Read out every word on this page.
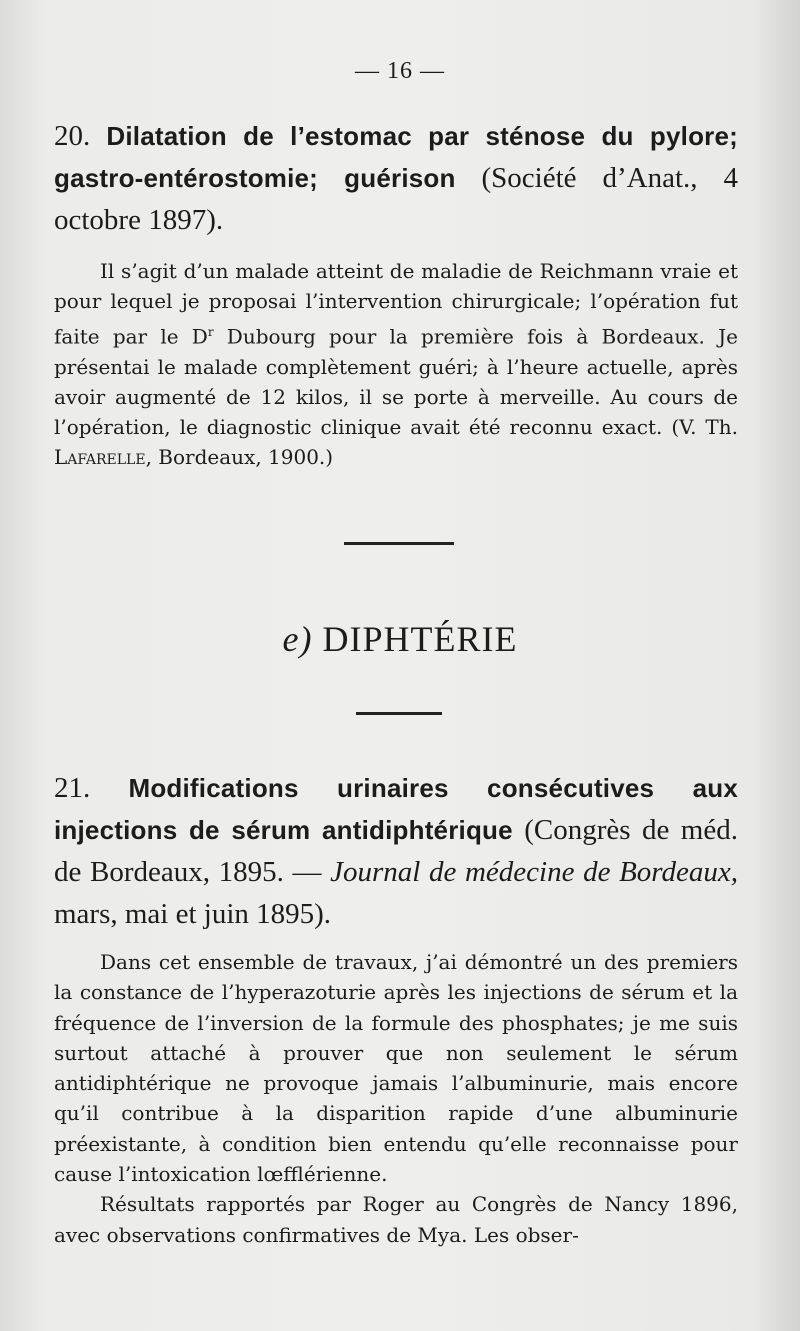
— 16 —
20. Dilatation de l’estomac par sténose du pylore; gastro-entérostomie; guérison (Société d’Anat., 4 octobre 1897).

Il s’agit d’un malade atteint de maladie de Reichmann vraie et pour lequel je proposai l’intervention chirurgicale; l’opération fut faite par le $D^r$ Dubourg pour la première fois à Bordeaux. Je présentai le malade complètement guéri; à l’heure actuelle, après avoir augmenté de 12 kilos, il se porte à merveille. Au cours de l’opération, le diagnostic clinique avait été reconnu exact. (V. Th. Lafarelle, Bordeaux, 1900.)

e) DIPHTÉRIE
21. Modifications urinaires consécutives aux injections de sérum antidiphtérique (Congrès de méd. de Bordeaux, 1895. — Journal de médecine de Bordeaux, mars, mai et juin 1895).

Dans cet ensemble de travaux, j’ai démontré un des premiers la constance de l’hyperazoturie après les injections de sérum et la fréquence de l’inversion de la formule des phosphates; je me suis surtout attaché à prouver que non seulement le sérum antidiphtérique ne provoque jamais l’albuminurie, mais encore qu’il contribue à la disparition rapide d’une albuminurie préexistante, à condition bien entendu qu’elle reconnaisse pour cause l’intoxication lœfflérienne.

Résultats rapportés par Roger au Congrès de Nancy 1896, avec observations confirmatives de Mya. Les obser-
